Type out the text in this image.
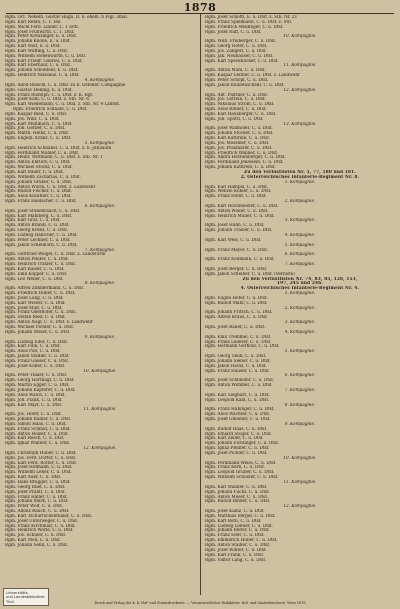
1878
Rgm. Oct. Nebelh, Gustav Hugo, D. 6. ehem. 6 Flgl. 3mal.
Rgm. Karl Rehm, C. 1. Bsl.
Rgm. Michl Ferd. Linder, C. 1 Dcfl.
Rgm. Josef Frühwirth, C. 1. Dtsf.
Rgm. Peter Kreuzinger, E. u. Dtsf.
Rgm. Johann Knolle, E. u. Dtsf.
Rgm. Karl Wolf, E. u. Dtsf.
Rgm. Karl Wüffing, C. u. Dtsf.
Rgm. Wilhelm Hohenwarth, C. u. Dcfl.
Rgm. Karl Friedr. Gabriel, C. u. Dtsf.
Rgm. Karl Eberhauf, C. u. Dtsf.
Rgm. Johann Schönfeld, E. u. Dtsf.
Rgm. Heinrich Nikolaus, C. u. Dtsf.
4. Kompagnie.
Rgm. Adolf Reischl, C. u. Dtsf. zu b. Ostenbr. Compagnie
Rgm. Gustav Helling, E. u. Dtsf.
Rgm. Franz Rudolph, C. u. Dtsf. z. K. Rgt.
Rgm. Josef Kolb, C. u. Dtsf. z. Stb. Nr. 6
Rgm. Karl Wiedemann, C. u. Dtsf. z. Stb. Nr. 4 Landst.
Rgm. Friedrich Schnabl, C. u. Dtsf.
Rgm. Kaspar Ried, C. u. Dtsf.
Rgm. Jos. Wild, C. u. Dtsf.
Rgm. Karl Mühlbach, C. u. Dtsf.
Rgm. Joh. Gerber, C. u. Dtsf.
Rgm. Matth. Heinz, C. u. Dtsf.
Rgm. Engelb. Kranz, C. u. Dtsf.
5. Kompagnie.
Rgm. Heinrich Schnabel, C. u. Dtsf. z. b. Jubiläum
Rgm. Ferdinand Mahler, C. u. Dtsf.
Rgm. Heinr. Wittmann, C. u. Dtsf. z. Stb. Nr. 1
Rgm. Anton Ehrlich, C. u. Dtsf.
Rgm. Michael Stöckl, C. u. Dtsf.
Rgm. Karl Bauer, C. u. Dtsf.
Rgm. Wilhelm Zacharias, C. u. Dtsf.
Rgm. Johann Gruber, C. u. Dtsf.
Rgm. Anton Wurm, C. u. Dtsf. z. Landwehr
Rgm. Rudolf Fischer, C. u. Dtsf.
Rgm. Alois Krautner, C. u. Dtsf.
Rgm. Franz Haidacher, C. u. Dtsf.
6. Kompagnie.
Rgm. Josef Stubenrauch, C. u. Dtsf.
Rgm. Karl Mahlberg, C. u. Dtsf.
Rgm. Karl Graf, C. u. Dtsf.
Rgm. Anton Brandl, C. u. Dtsf.
Rgm. Georg Krebs, C. u. Dtsf.
Rgm. Ludwig Habicher, C. u. Dtsf.
Rgm. Peter Lechner, C. u. Dtsf.
Rgm. Jakob Schellhorn, C. u. Dtsf.
7. Kompagnie.
Rgm. Gottfried Weigel, C. u. Dtsf. z. Landsturm
Rgm. Anton Pfeifer, C. u. Dtsf.
Rgm. Heinrich Traxler, C. u. Dtsf.
Rgm. Karl Kaiser, C. u. Dtsf.
Rgm. Emil Kopper, C. u. Dtsf.
Rgm. Leo Weber, C. u. Dtsf.
8. Kompagnie.
Rgm. Alfred Zimmermann, C. u. Dtsf.
Rgm. Friedrich Huber, C. u. Dtsf.
Rgm. Josef Lang, C. u. Dtsf.
Rgm. Karl Wieser, C. u. Dtsf.
Rgm. Josef Mair, C. u. Dtsf.
Rgm. Franz Oberhofer, C. u. Dtsf.
Rgm. Stefan Ried, C. u. Dtsf.
Rgm. Anton Nagl, C. u. Dtsf. z. Landwehr
Rgm. Michael Pichler, C. u. Dtsf.
Rgm. Johann Moser, C. u. Dtsf.
9. Kompagnie.
Rgm. Ludwig Eder, C. u. Dtsf.
Rgm. Karl Fink, C. u. Dtsf.
Rgm. Alois Pöll, C. u. Dtsf.
Rgm. Jakob Stadler, C. u. Dtsf.
Rgm. Franz Gasser, C. u. Dtsf.
Rgm. Josef Kofler, C. u. Dtsf.
10. Kompagnie.
Rgm. Peter Thaler, C. u. Dtsf.
Rgm. Georg Hörtnagl, C. u. Dtsf.
Rgm. Martin Egger, C. u. Dtsf.
Rgm. Johann Kapferer, C. u. Dtsf.
Rgm. Alois Walch, C. u. Dtsf.
Rgm. Joh. Plank, C. u. Dtsf.
Rgm. Karl Mayr, C. u. Dtsf.
11. Kompagnie.
Rgm. Jos. Hofer, C. u. Dtsf.
Rgm. Johann Rainer, C. u. Dtsf.
Rgm. Simon Haas, C. u. Dtsf.
Rgm. Franz Schmid, C. u. Dtsf.
Rgm. Anton Holzer, C. u. Dtsf.
Rgm. Karl Resch, C. u. Dtsf.
Rgm. Ignaz Wallner, C. u. Dtsf.
12. Kompagnie.
Rgm. Christoph Huber, C. u. Dtsf.
Rgm. Jos. Ferd. Dorfer, C. u. Dtsf.
Rgm. Karl Ferd. Rotter, C. u. Dtsf.
Rgm. Josef Hofmann, C. u. Dtsf.
Rgm. Wilhelm Lener, C. u. Dtsf.
Rgm. Karl Auer, C. u. Dtsf.
Rgm. Hans Brugger, C. u. Dtsf.
Rgm. Georg Ruef, C. u. Dtsf.
Rgm. Josef Prantl, C. u. Dtsf.
Rgm. Franz Haller, C. u. Dtsf.
Rgm. Johann Mark, C. u. Dtsf.
Rgm. Peter Wolf, C. u. Dtsf.
Rgm. Alfons Rauch, C. u. Dtsf.
Rgm. Karl Tschurtschenthaler, C. u. Dtsf.
Rgm. Josef Unterweger, C. u. Dtsf.
Rgm. Franz Kirchmair, C. u. Dtsf.
Rgm. Heinrich Wörle, C. u. Dtsf.
Rgm. Jos. Schuler, C. u. Dtsf.
Rgm. Karl Moll, C. u. Dtsf.
Rgm. Johann Senn, C. u. Dtsf.
Rgm. Josef Schöttl, E. u. Dtsf. z. Stb. Nr. 21
Rgm. Franz Spielmann, C. u. Dtsf. z. Stb.
Rgm. Friedrich Weidinger, C. u. Dtsf.
Rgm. Josef Ruff, C. u. Dtsf.
10. Kompagnie.
Rgm. Wilh. Freiberger, C. u. Dtsf.
Rgm. Georg Hofer, C. u. Dtsf.
Rgm. Jos. Zangerl, C. u. Dtsf.
Rgm. Jak. Neuhauser, C. u. Dtsf.
Rgm. Karl Speckbacher, C. u. Dtsf.
11. Kompagnie.
Rgm. Anton Mahl, C. u. Dtsf.
Rgm. Kaspar Leitner, C. u. Dtsf. z. Landwehr
Rgm. Peter Schöpf, C. u. Dtsf.
Rgm. Jakob Kluibenschädl, C. u. Dtsf.
12. Kompagnie.
Rgm. Ant. Plattner, C. u. Dtsf.
Rgm. Jos. Gstrein, C. u. Dtsf.
Rgm. Nikolaus Strobl, C. u. Dtsf.
Rgm. Alois Rinner, C. u. Dtsf.
Rgm. Karl Hausberger, C. u. Dtsf.
Rgm. Joh. Spöttl, C. u. Dtsf.
13. Kompagnie.
Rgm. Josef Wallnöfer, C. u. Dtsf.
Rgm. Johann Stocker, C. u. Dtsf.
Rgm. Karl Kathrein, C. u. Dtsf.
Rgm. Jos. Mössmer, C. u. Dtsf.
Rgm. Jos. Praxmarer, C. u. Dtsf.
Rgm. Friedrich Wanner, C. u. Dtsf.
Rgm. Andrä Hechenberger, C. u. Dtsf.
Rgm. Ferdinand Jenewein, C. u. Dtsf.
Rgm. Johann Kathrein, C. u. Dtsf.
Zu den Verlustlisten Nr. 5, 77, 180 und 181.
2. Österreichisches Infanterie-Regiment Nr. 8.
1. Kompagnie.
Rgm. Karl Hampel, C. u. Dtsf.
Rgm. Wenzel Kohler, C. u. Dtsf.
Rgm. Franz Hofer, C. u. Dtsf.
2. Kompagnie.
Rgm. Karl Hochmeister, C. u. Dtsf.
Rgm. Anton Woller, C. u. Dtsf.
Rgm. Heinrich Müller, C. u. Dtsf.
3. Kompagnie.
Rgm. Josef Hahn, C. u. Dtsf.
Rgm. Johann Traxler, C. u. Dtsf.
4. Kompagnie.
Rgm. Karl Weis, C. u. Dtsf.
5. Kompagnie.
Rgm. Franz Mayer, C. u. Dtsf.
6. Kompagnie.
Rgm. Franz Kollmann, C. u. Dtsf.
7. Kompagnie.
Rgm. Josef Berger, C. u. Dtsf.
Rgm. Jakob Scheiber, C. u. Dtsf. (Verluste)
Zu den Verlustlisten Nr. 74, 83, 85, 128, 153,
197, 245 und 246.
4. Österreichisches Infanterie-Regiment Nr. 4.
1. Kompagnie.
Rgm. Eugen Hofer, C. u. Dtsf.
Rgm. Rudolf Mahr, C. u. Dtsf.
2. Kompagnie.
Rgm. Johann Fritsch, C. u. Dtsf.
Rgm. Alfred Kraus, C. u. Dtsf.
3. Kompagnie.
Rgm. Josef Bauer, C. u. Dtsf.
4. Kompagnie.
Rgm. Emil Tremmel, C. u. Dtsf.
Rgm. Franz Lederer, C. u. Dtsf.
Rgm. Hermann Gerhold, C. u. Dtsf.
5. Kompagnie.
Rgm. Georg Seidl, C. u. Dtsf.
Rgm. Johann Sieber, C. u. Dtsf.
Rgm. Jakob Hackl, C. u. Dtsf.
Rgm. Franz Hauser, C. u. Dtsf.
6. Kompagnie.
Rgm. Josef Schneider, C. u. Dtsf.
Rgm. Anton Wimmer, C. u. Dtsf.
7. Kompagnie.
Rgm. Karl Sieghart, C. u. Dtsf.
Rgm. Leopold Kain, C. u. Dtsf.
8. Kompagnie.
Rgm. Franz Hubinger, C. u. Dtsf.
Rgm. Alois Wachter, C. u. Dtsf.
Rgm. Josef Gmeiner, C. u. Dtsf.
9. Kompagnie.
Rgm. Rudolf Haas, C. u. Dtsf.
Rgm. Eduard Stöger, C. u. Dtsf.
Rgm. Karl Zeller, C. u. Dtsf.
Rgm. Johann Fichtinger, C. u. Dtsf.
Rgm. Ignaz Pfeiffer, C. u. Dtsf.
Rgm. Josef Pichler, C. u. Dtsf.
10. Kompagnie.
Rgm. Ferdinand Weiss, C. u. Dtsf.
Rgm. Franz Kern, C. u. Dtsf.
Rgm. Leopold Gruber, C. u. Dtsf.
Rgm. Wilhelm Schuster, C. u. Dtsf.
11. Kompagnie.
Rgm. Karl Wallner, C. u. Dtsf.
Rgm. Johann Fuchs, C. u. Dtsf.
Rgm. Anton Moser, C. u. Dtsf.
Rgm. Rudolf Binder, C. u. Dtsf.
12. Kompagnie.
Rgm. Josef Kainz, C. u. Dtsf.
Rgm. Matthias Berger, C. u. Dtsf.
Rgm. Karl Roth, C. u. Dtsf.
Rgm. Ludwig Lehner, C. u. Dtsf.
Rgm. Johann Reiter, C. u. Dtsf.
Rgm. Franz Eder, C. u. Dtsf.
Rgm. Emmerich Huber, C. u. Dtsf.
Rgm. Anton Stadler, C. u. Dtsf.
Rgm. Josef Winter, C. u. Dtsf.
Rgm. Karl Frank, C. u. Dtsf.
Rgm. Viktor Lang, C. u. Dtsf.
Druck und Verlag der k. k. Hof- und Staatsdruckerei. — Verantwortlicher Redakteur: Hof- und Staatsdruckerei. Wien 1878
Universitäts-
und Landesbibliothek
Tirol
